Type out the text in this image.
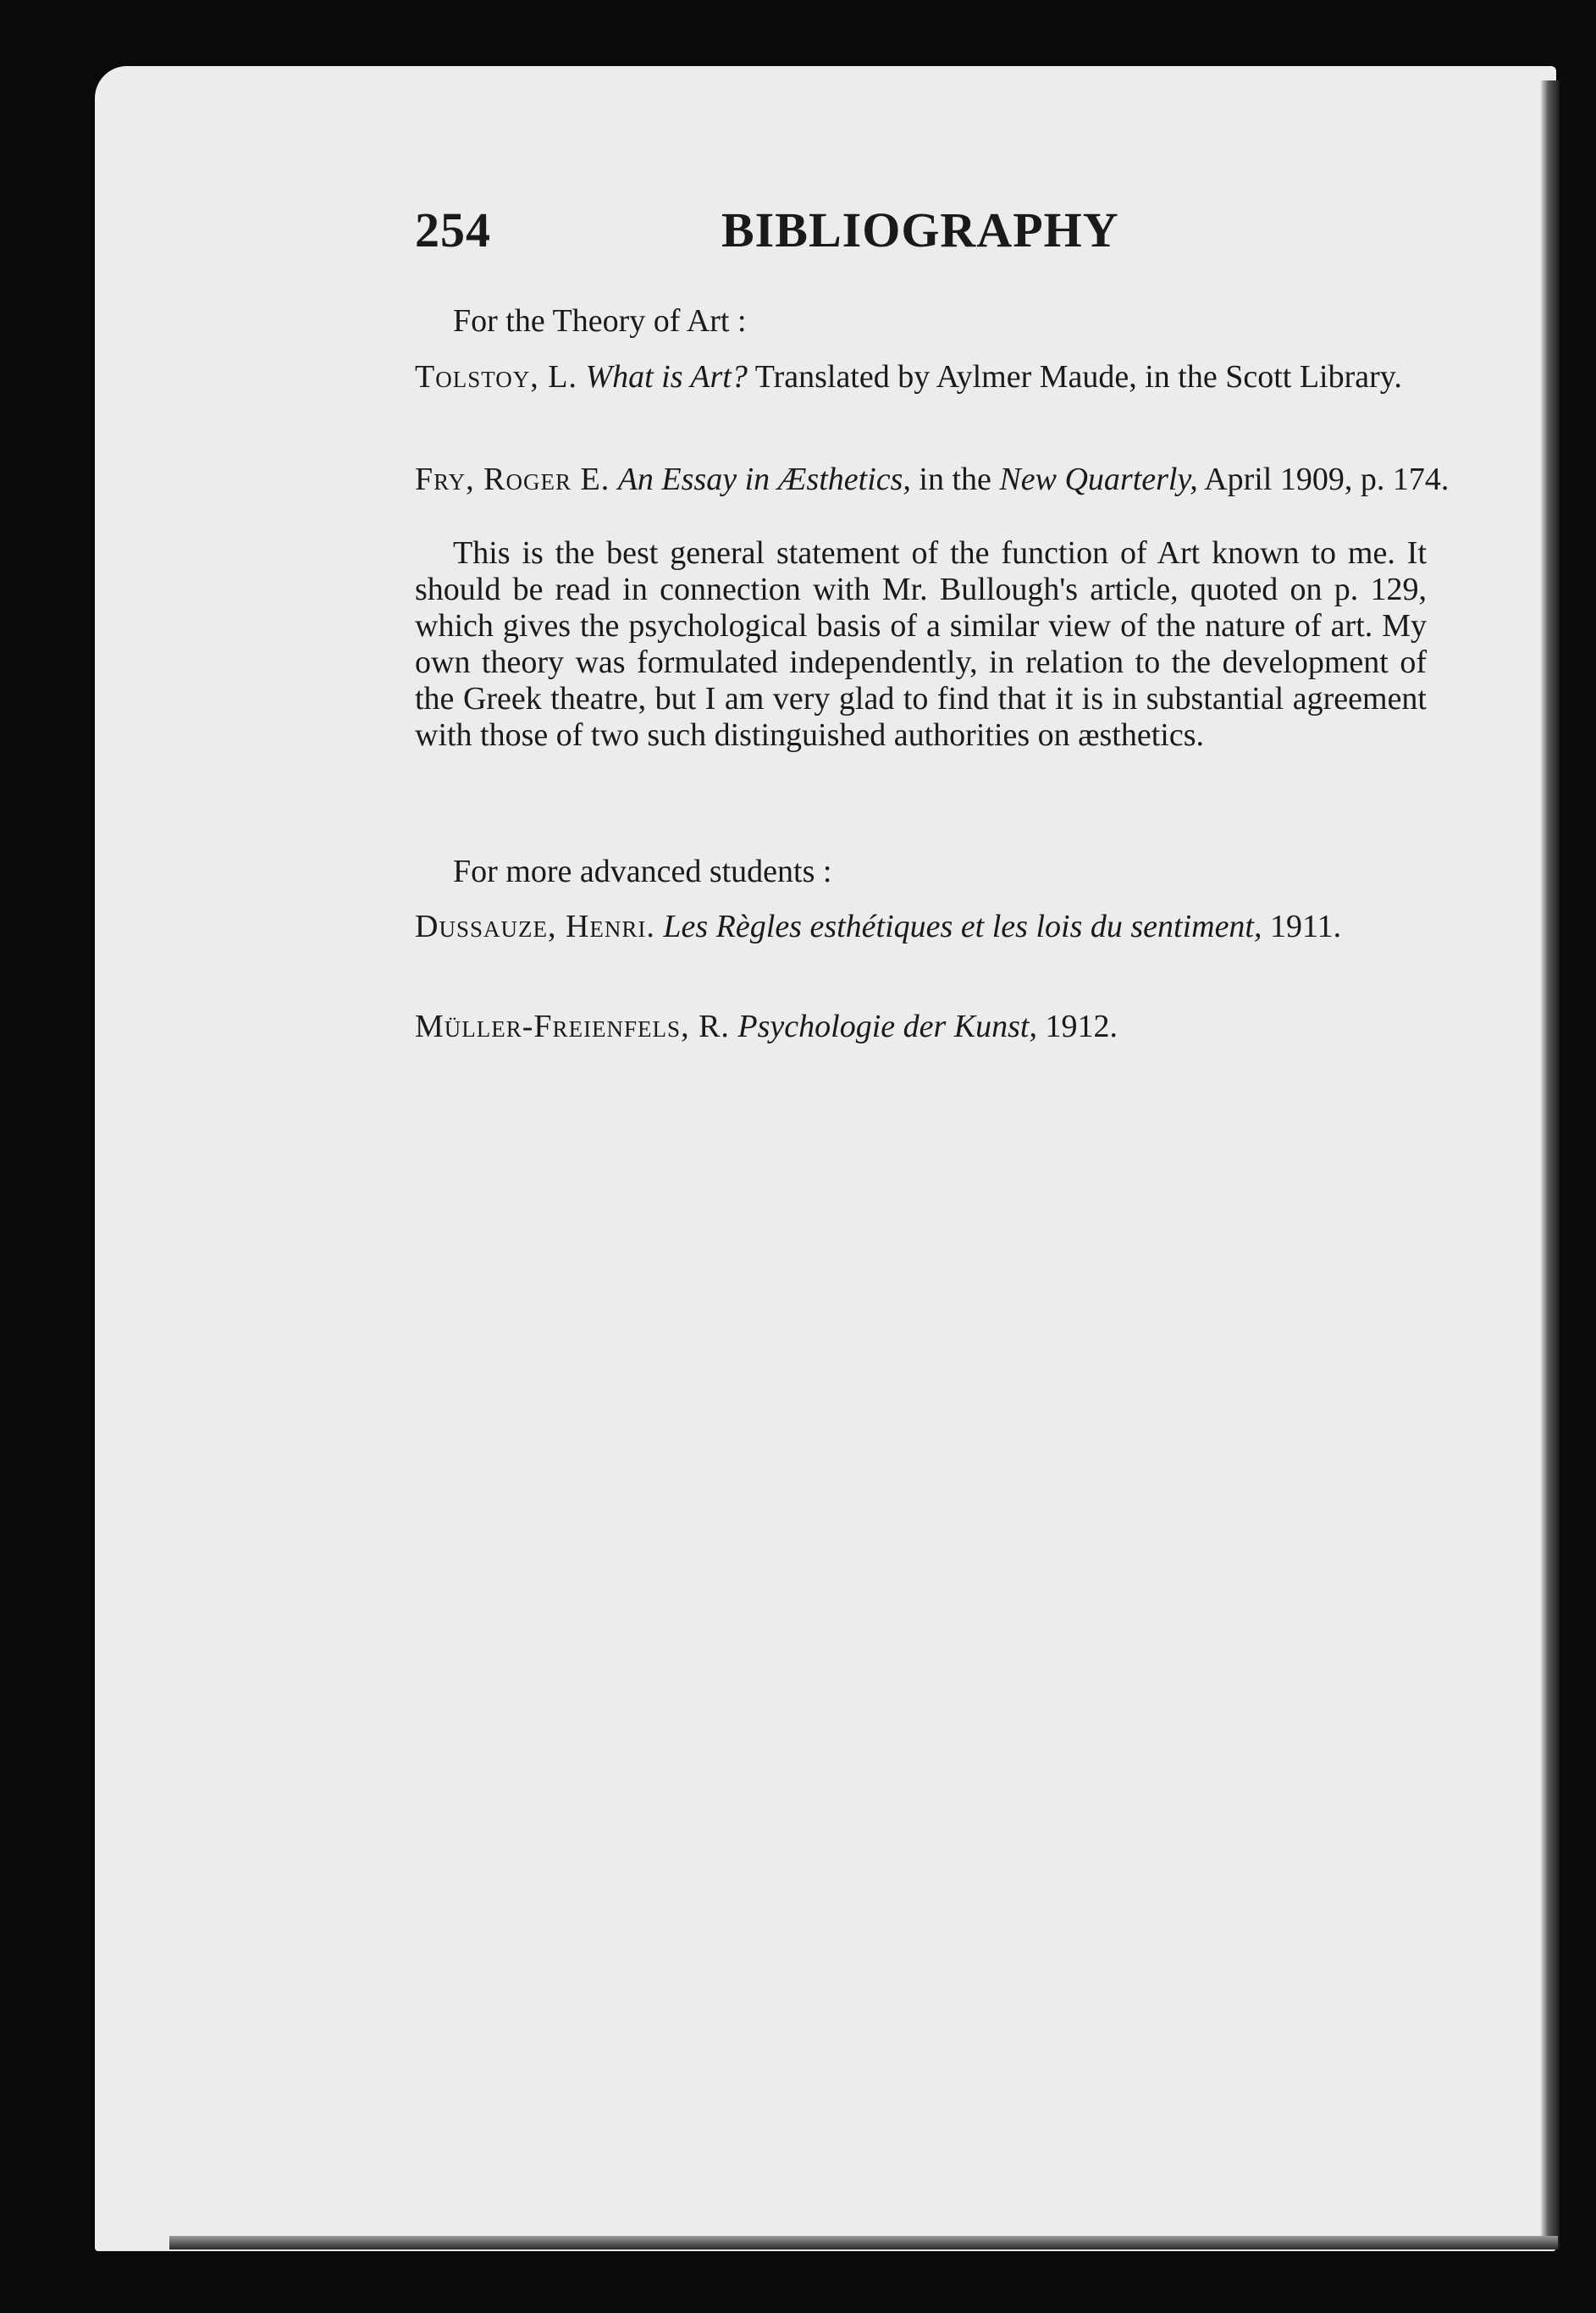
254	BIBLIOGRAPHY
For the Theory of Art :
Tolstoy, L. What is Art? Translated by Aylmer Maude, in the Scott Library.
Fry, Roger E. An Essay in Æsthetics, in the New Quarterly, April 1909, p. 174.
This is the best general statement of the function of Art known to me. It should be read in connection with Mr. Bullough's article, quoted on p. 129, which gives the psychological basis of a similar view of the nature of art. My own theory was formulated independently, in relation to the development of the Greek theatre, but I am very glad to find that it is in substantial agreement with those of two such distinguished authorities on æsthetics.
For more advanced students :
Dussauze, Henri. Les Règles esthétiques et les lois du sentiment, 1911.
Müller-Freienfels, R. Psychologie der Kunst, 1912.
